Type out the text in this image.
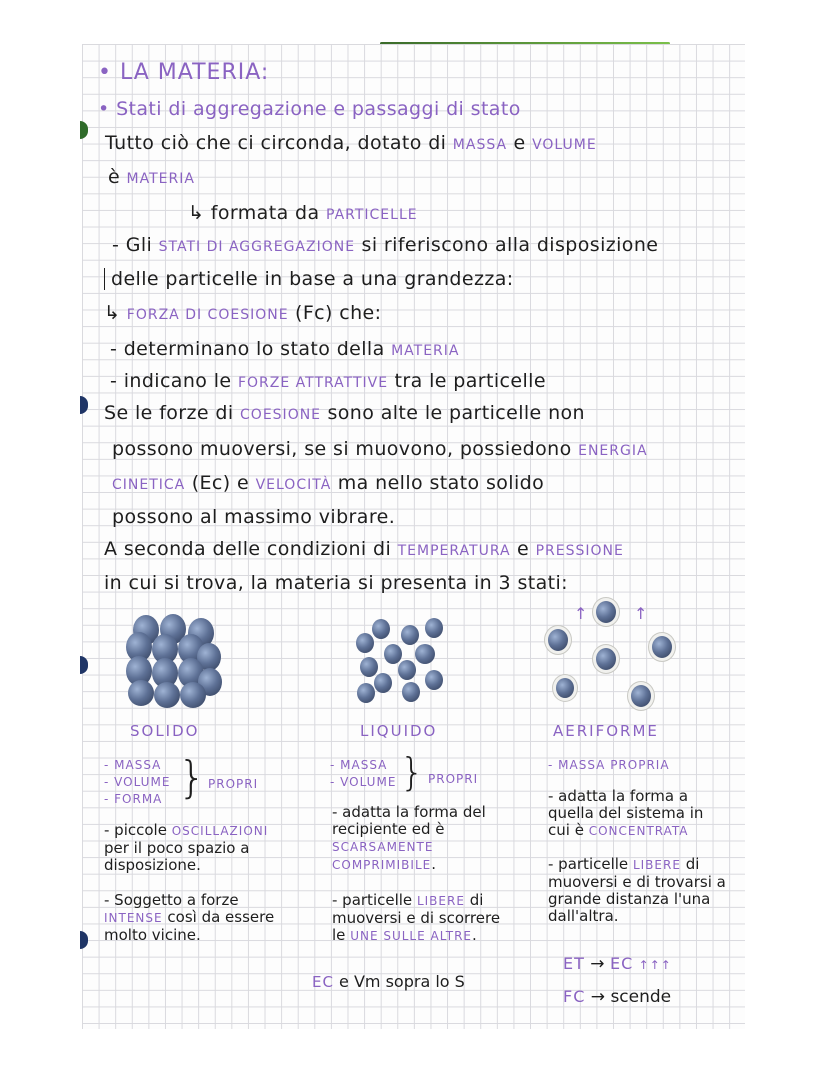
• LA MATERIA:
• Stati di aggregazione e passaggi di stato
Tutto ciò che ci circonda, dotato di MASSA e VOLUME
è MATERIA
↳ formata da PARTICELLE
- Gli STATI DI AGGREGAZIONE si riferiscono alla disposizione
delle particelle in base a una grandezza:
↳ FORZA DI COESIONE (Fc) che:
- determinano lo stato della MATERIA
- indicano le FORZE ATTRATTIVE tra le particelle
Se le forze di COESIONE sono alte le particelle non
possono muoversi, se si muovono, possiedono ENERGIA
CINETICA (Ec) e VELOCITÀ ma nello stato solido
possono al massimo vibrare.
A seconda delle condizioni di TEMPERATURA e PRESSIONE
in cui si trova, la materia si presenta in 3 stati:
SOLIDO	LIQUIDO
↑	↑
AERIFORME
- MASSA
- VOLUME
- FORMA } PROPRI

- piccole OSCILLAZIONI per il poco spazio a disposizione.

- Soggetto a forze INTENSE così da essere molto vicine.

- MASSA
- VOLUME } PROPRI

- adatta la forma del recipiente ed è SCARSAMENTE COMPRIMIBILE.

- particelle LIBERE di muoversi e di scorrere le UNE SULLE ALTRE.

EC e Vm sopra lo S
- MASSA PROPRIA

- adatta la forma a quella del sistema in cui è CONCENTRATA

- particelle LIBERE di muoversi e di trovarsi a grande distanza l'una dall'altra.

ET → EC ↑↑↑
FC → scende
